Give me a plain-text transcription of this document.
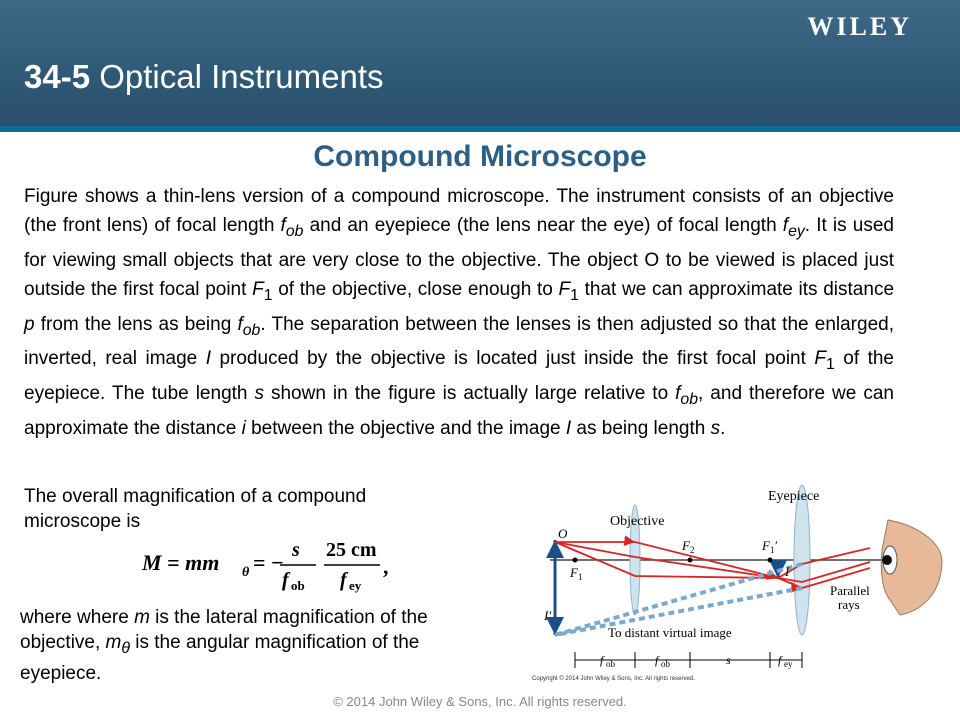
WILEY
34-5 Optical Instruments
Compound Microscope
Figure shows a thin-lens version of a compound microscope. The instrument consists of an objective (the front lens) of focal length $f_{ob}$ and an eyepiece (the lens near the eye) of focal length $f_{ey}$. It is used for viewing small objects that are very close to the objective. The object O to be viewed is placed just outside the first focal point $F_1$ of the objective, close enough to $F_1$ that we can approximate its distance p from the lens as being $f_{ob}$. The separation between the lenses is then adjusted so that the enlarged, inverted, real image I produced by the objective is located just inside the first focal point $F_1$ of the eyepiece. The tube length s shown in the figure is actually large relative to $f_{ob}$, and therefore we can approximate the distance i between the objective and the image I as being length s.
The overall magnification of a compound microscope is
M = mm θ = − s
f ob
25 cm
f ey
,
where where m is the lateral magnification of the objective, $m_\theta$ is the angular magnification of the eyepiece.
Eyepiece
Objective
O
F 1
F 2	F 1 ′
I
I′
Parallel
rays
To distant virtual image
f ob	f ob	s	f ey
Copyright © 2014 John Wiley & Sons, Inc. All rights reserved.
© 2014 John Wiley & Sons, Inc. All rights reserved.
